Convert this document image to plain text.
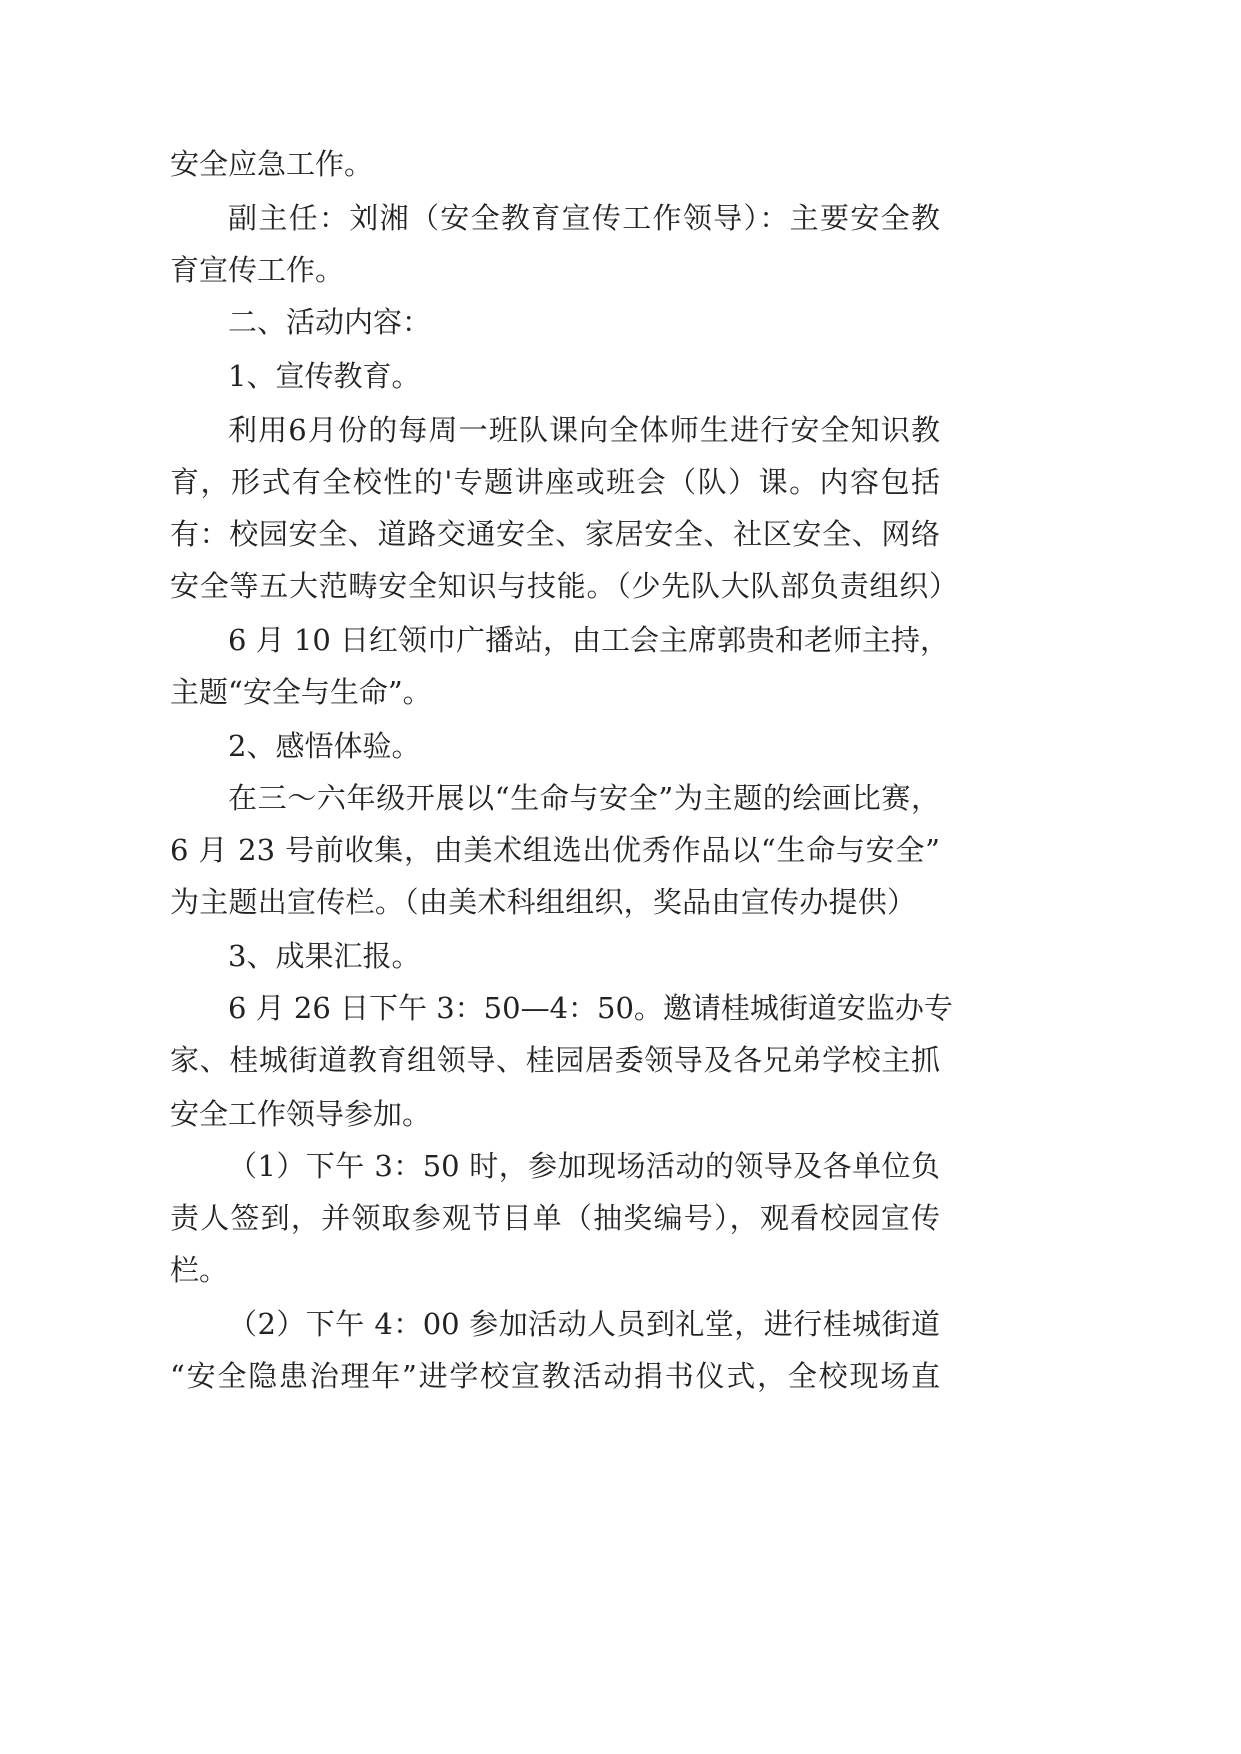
安全应急工作。

副主任：刘湘（安全教育宣传工作领导）：主要安全教

育宣传工作。

二、活动内容：

1、宣传教育。

利用6月份的每周一班队课向全体师生进行安全知识教

育，形式有全校性的'专题讲座或班会（队）课。内容包括

有：校园安全、道路交通安全、家居安全、社区安全、网络

安全等五大范畴安全知识与技能。（少先队大队部负责组织）

6 月 10 日红领巾广播站，由工会主席郭贵和老师主持，

主题“安全与生命”。

2、感悟体验。

在三～六年级开展以“生命与安全”为主题的绘画比赛，

6 月 23 号前收集，由美术组选出优秀作品以“生命与安全”

为主题出宣传栏。（由美术科组组织，奖品由宣传办提供）

3、成果汇报。

6 月 26 日下午 3：50—4：50。邀请桂城街道安监办专

家、桂城街道教育组领导、桂园居委领导及各兄弟学校主抓

安全工作领导参加。

（1）下午 3：50 时，参加现场活动的领导及各单位负

责人签到，并领取参观节目单（抽奖编号），观看校园宣传

栏。

（2）下午 4：00 参加活动人员到礼堂，进行桂城街道

“安全隐患治理年”进学校宣教活动捐书仪式，全校现场直
